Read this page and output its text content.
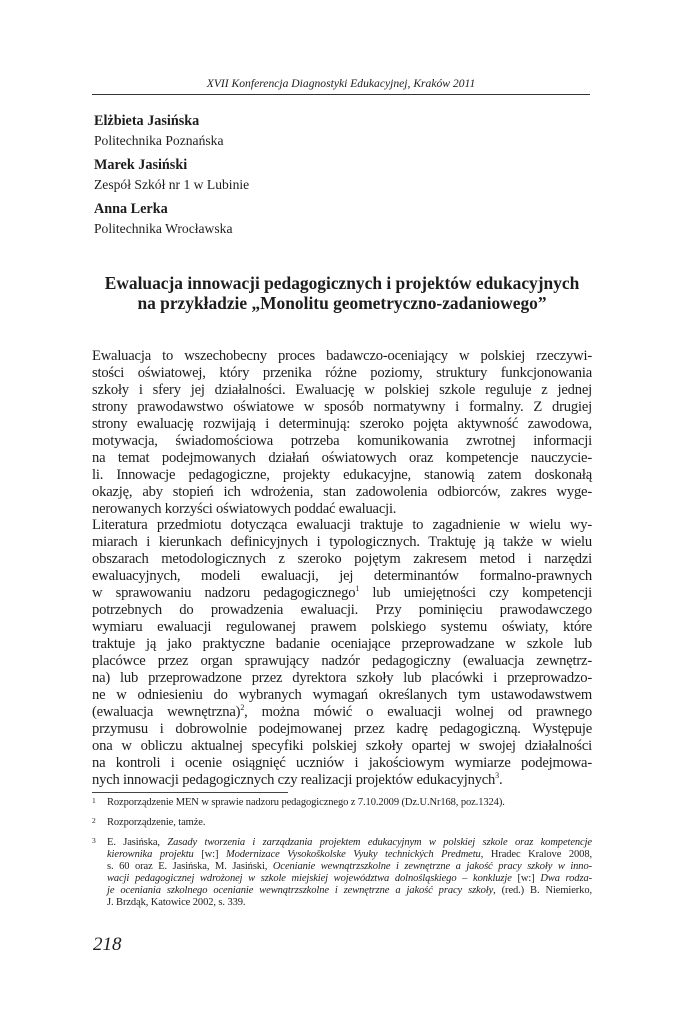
XVII Konferencja Diagnostyki Edukacyjnej, Kraków 2011
Elżbieta Jasińska
Politechnika Poznańska
Marek Jasiński
Zespół Szkół nr 1 w Lubinie
Anna Lerka
Politechnika Wrocławska
Ewaluacja innowacji pedagogicznych i projektów edukacyjnych
na przykładzie „Monolitu geometryczno-zadaniowego”
Ewaluacja to wszechobecny proces badawczo-oceniający w polskiej rzeczywi-
stości oświatowej, który przenika różne poziomy, struktury funkcjonowania
szkoły i sfery jej działalności. Ewaluację w polskiej szkole reguluje z jednej
strony prawodawstwo oświatowe w sposób normatywny i formalny. Z drugiej
strony ewaluację rozwijają i determinują: szeroko pojęta aktywność zawodowa,
motywacja, świadomościowa potrzeba komunikowania zwrotnej informacji
na temat podejmowanych działań oświatowych oraz kompetencje nauczycie-
li. Innowacje pedagogiczne, projekty edukacyjne, stanowią zatem doskonałą
okazję, aby stopień ich wdrożenia, stan zadowolenia odbiorców, zakres wyge-
nerowanych korzyści oświatowych poddać ewaluacji.
Literatura przedmiotu dotycząca ewaluacji traktuje to zagadnienie w wielu wy-
miarach i kierunkach definicyjnych i typologicznych. Traktuję ją także w wielu
obszarach metodologicznych z szeroko pojętym zakresem metod i narzędzi
ewaluacyjnych, modeli ewaluacji, jej determinantów formalno-prawnych
w sprawowaniu nadzoru pedagogicznego$^1$ lub umiejętności czy kompetencji
potrzebnych do prowadzenia ewaluacji. Przy pominięciu prawodawczego
wymiaru ewaluacji regulowanej prawem polskiego systemu oświaty, które
traktuje ją jako praktyczne badanie oceniające przeprowadzane w szkole lub
placówce przez organ sprawujący nadzór pedagogiczny (ewaluacja zewnętrz-
na) lub przeprowadzone przez dyrektora szkoły lub placówki i przeprowadzo-
ne w odniesieniu do wybranych wymagań określanych tym ustawodawstwem
(ewaluacja wewnętrzna)$^2$, można mówić o ewaluacji wolnej od prawnego
przymusu i dobrowolnie podejmowanej przez kadrę pedagogiczną. Występuje
ona w obliczu aktualnej specyfiki polskiej szkoły opartej w swojej działalności
na kontroli i ocenie osiągnięć uczniów i jakościowym wymiarze podejmowa-
nych innowacji pedagogicznych czy realizacji projektów edukacyjnych$^3$.
1 Rozporządzenie MEN w sprawie nadzoru pedagogicznego z 7.10.2009 (Dz.U.Nr168, poz.1324).
2 Rozporządzenie, tamże.
3 E. Jasińska, Zasady tworzenia i zarządzania projektem edukacyjnym w polskiej szkole oraz kompetencje
kierownika projektu [w:] Modernizace Vysokoškolske Vyuky technických Predmetu, Hradec Kralove 2008,
s. 60 oraz E. Jasińska, M. Jasiński, Ocenianie wewnątrzszkolne i zewnętrzne a jakość pracy szkoły w inno-
wacji pedagogicznej wdrożonej w szkole miejskiej województwa dolnośląskiego – konkluzje [w:] Dwa rodza-
je oceniania szkolnego ocenianie wewnątrzszkolne i zewnętrzne a jakość pracy szkoły, (red.) B. Niemierko,
J. Brzdąk, Katowice 2002, s. 339.
218
